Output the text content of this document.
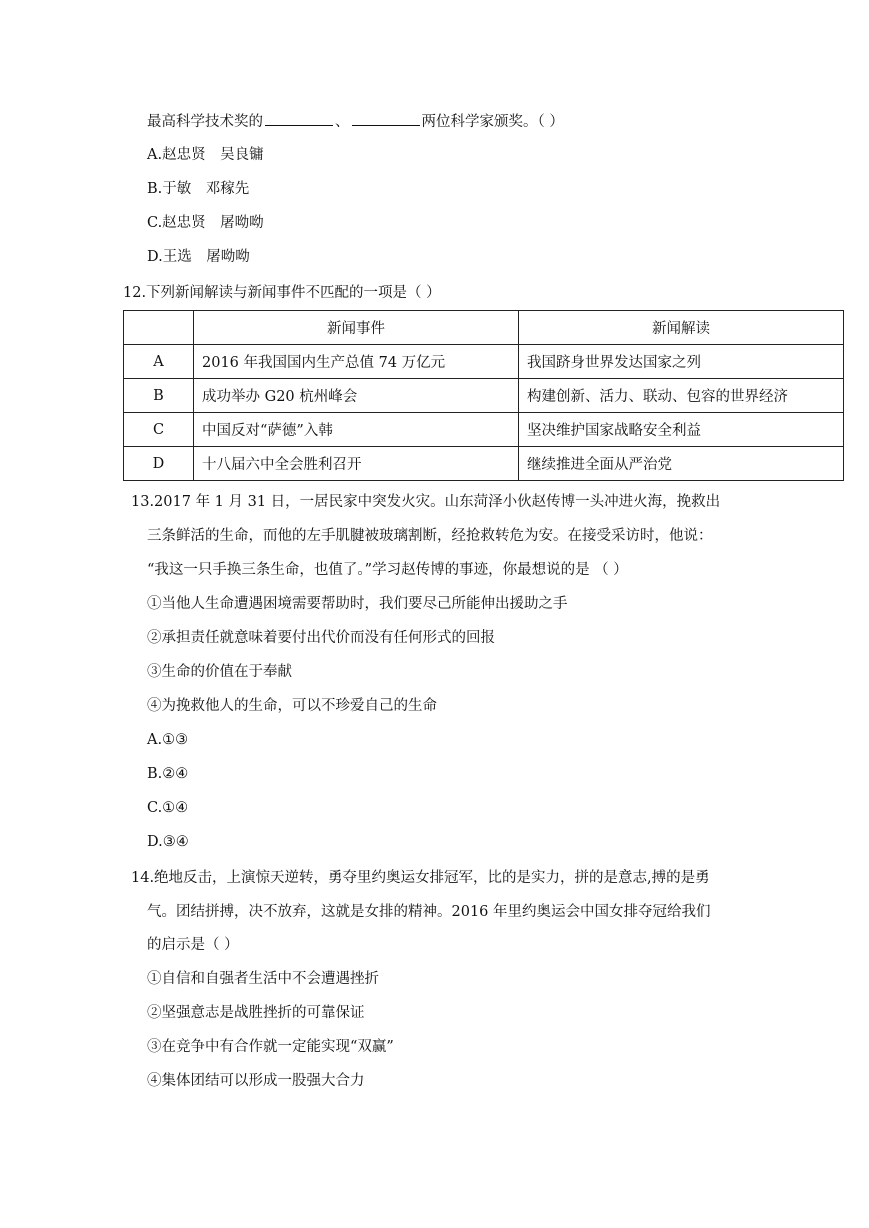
最高科学技术奖的	、	两位科学家颁奖。（ ）
A.赵忠贤　吴良镛
B.于敏　邓稼先
C.赵忠贤　屠呦呦
D.王选　屠呦呦
12.下列新闻解读与新闻事件不匹配的一项是（ ）
	新闻事件	新闻解读
A	2016 年我国国内生产总值 74 万亿元	我国跻身世界发达国家之列
B	成功举办 G20 杭州峰会	构建创新、活力、联动、包容的世界经济
C	中国反对“萨德”入韩	坚决维护国家战略安全利益
D	十八届六中全会胜利召开	继续推进全面从严治党
13.2017 年 1 月 31 日，一居民家中突发火灾。山东菏泽小伙赵传博一头冲进火海，挽救出
三条鲜活的生命，而他的左手肌腱被玻璃割断，经抢救转危为安。在接受采访时，他说：
“我这一只手换三条生命，也值了。”学习赵传博的事迹，你最想说的是 （ ）
①当他人生命遭遇困境需要帮助时，我们要尽己所能伸出援助之手
②承担责任就意味着要付出代价而没有任何形式的回报
③生命的价值在于奉献
④为挽救他人的生命，可以不珍爱自己的生命
A.①③
B.②④
C.①④
D.③④
14.绝地反击，上演惊天逆转，勇夺里约奥运女排冠军，比的是实力，拼的是意志,搏的是勇
气。团结拼搏，决不放弃，这就是女排的精神。2016 年里约奥运会中国女排夺冠给我们
的启示是（ ）
①自信和自强者生活中不会遭遇挫折
②坚强意志是战胜挫折的可靠保证
③在竞争中有合作就一定能实现“双赢”
④集体团结可以形成一股强大合力
